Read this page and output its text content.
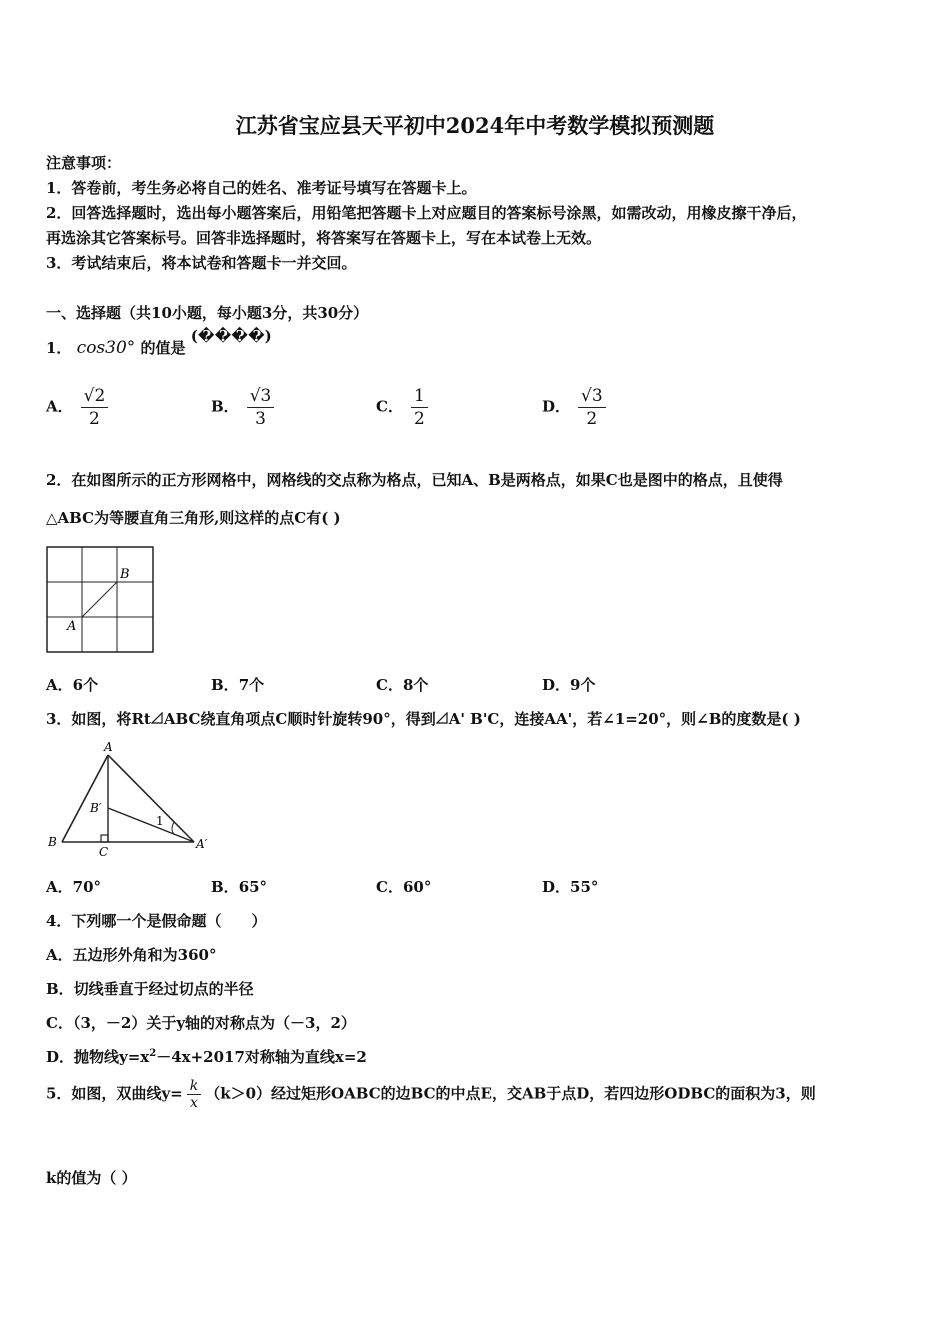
江苏省宝应县天平初中2024年中考数学模拟预测题
注意事项：
1．答卷前，考生务必将自己的姓名、准考证号填写在答题卡上。
2．回答选择题时，选出每小题答案后，用铅笔把答题卡上对应题目的答案标号涂黑，如需改动，用橡皮擦干净后，
再选涂其它答案标号。回答非选择题时，将答案写在答题卡上，写在本试卷上无效。
3．考试结束后，将本试卷和答题卡一并交回。
一、选择题（共10小题，每小题3分，共30分）
1． cos30° 的值是 (����)
A． $\frac{√2}{2}$	B． $\frac{√3}{3}$	C． $\frac{1}{2}$	D． $\frac{√3}{2}$
2．在如图所示的正方形网格中，网格线的交点称为格点，已知A、B是两格点，如果C也是图中的格点，且使得
△ABC为等腰直角三角形,则这样的点C有( )
B
A
A．6个	B．7个	C．8个	D．9个
3．如图，将Rt ABC绕直角项点C顺时针旋转90°，得到 A' B'C，连接AA'，若∠1=20°，则∠B的度数是( )
A
B
C
B′
A′
1
A．70°	B．65°	C．60°	D．55°
4．下列哪一个是假命题（　　）
A．五边形外角和为360°
B．切线垂直于经过切点的半径
C．（3，－2）关于y轴的对称点为（－3，2）
D．抛物线$y=x^2-4x+2017$对称轴为直线x=2
5．如图，双曲线$y= \frac{k}{x} (k>0)$经过矩形OABC的边BC的中点E，交AB于点D，若四边形ODBC的面积为3，则
k的值为（ ）
